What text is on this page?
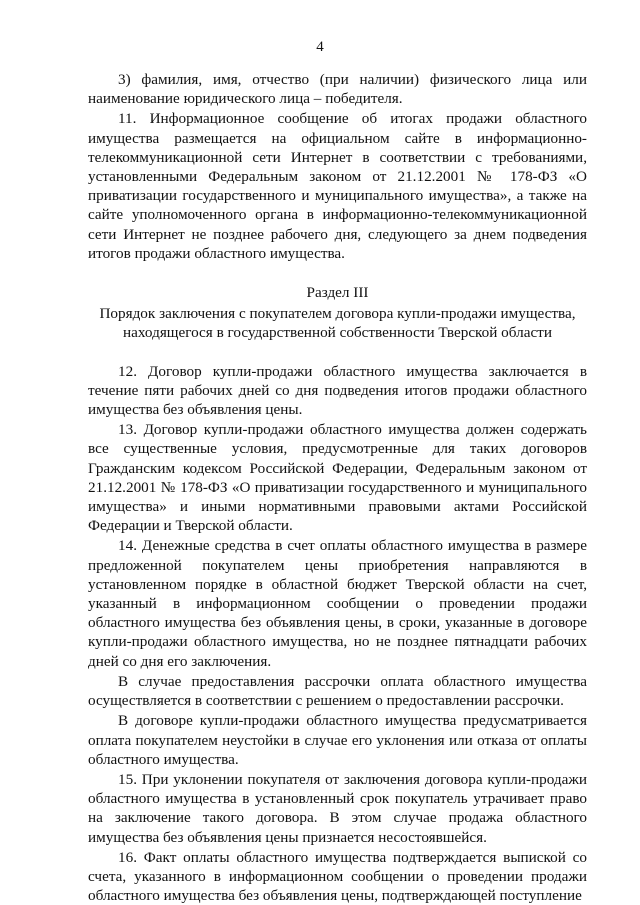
4

3) фамилия, имя, отчество (при наличии) физического лица или наименование юридического лица – победителя.

11. Информационное сообщение об итогах продажи областного имущества размещается на официальном сайте в информационно-телекоммуникационной сети Интернет в соответствии с требованиями, установленными Федеральным законом от 21.12.2001 № 178-ФЗ «О приватизации государственного и муниципального имущества», а также на сайте уполномоченного органа в информационно-телекоммуникационной сети Интернет не позднее рабочего дня, следующего за днем подведения итогов продажи областного имущества.

Раздел III
Порядок заключения с покупателем договора купли-продажи имущества, находящегося в государственной собственности Тверской области

12. Договор купли-продажи областного имущества заключается в течение пяти рабочих дней со дня подведения итогов продажи областного имущества без объявления цены.

13. Договор купли-продажи областного имущества должен содержать все существенные условия, предусмотренные для таких договоров Гражданским кодексом Российской Федерации, Федеральным законом от 21.12.2001 № 178-ФЗ «О приватизации государственного и муниципального имущества» и иными нормативными правовыми актами Российской Федерации и Тверской области.

14. Денежные средства в счет оплаты областного имущества в размере предложенной покупателем цены приобретения направляются в установленном порядке в областной бюджет Тверской области на счет, указанный в информационном сообщении о проведении продажи областного имущества без объявления цены, в сроки, указанные в договоре купли-продажи областного имущества, но не позднее пятнадцати рабочих дней со дня его заключения.

В случае предоставления рассрочки оплата областного имущества осуществляется в соответствии с решением о предоставлении рассрочки.

В договоре купли-продажи областного имущества предусматривается оплата покупателем неустойки в случае его уклонения или отказа от оплаты областного имущества.

15. При уклонении покупателя от заключения договора купли-продажи областного имущества в установленный срок покупатель утрачивает право на заключение такого договора. В этом случае продажа областного имущества без объявления цены признается несостоявшейся.

16. Факт оплаты областного имущества подтверждается выпиской со счета, указанного в информационном сообщении о проведении продажи областного имущества без объявления цены, подтверждающей поступление
